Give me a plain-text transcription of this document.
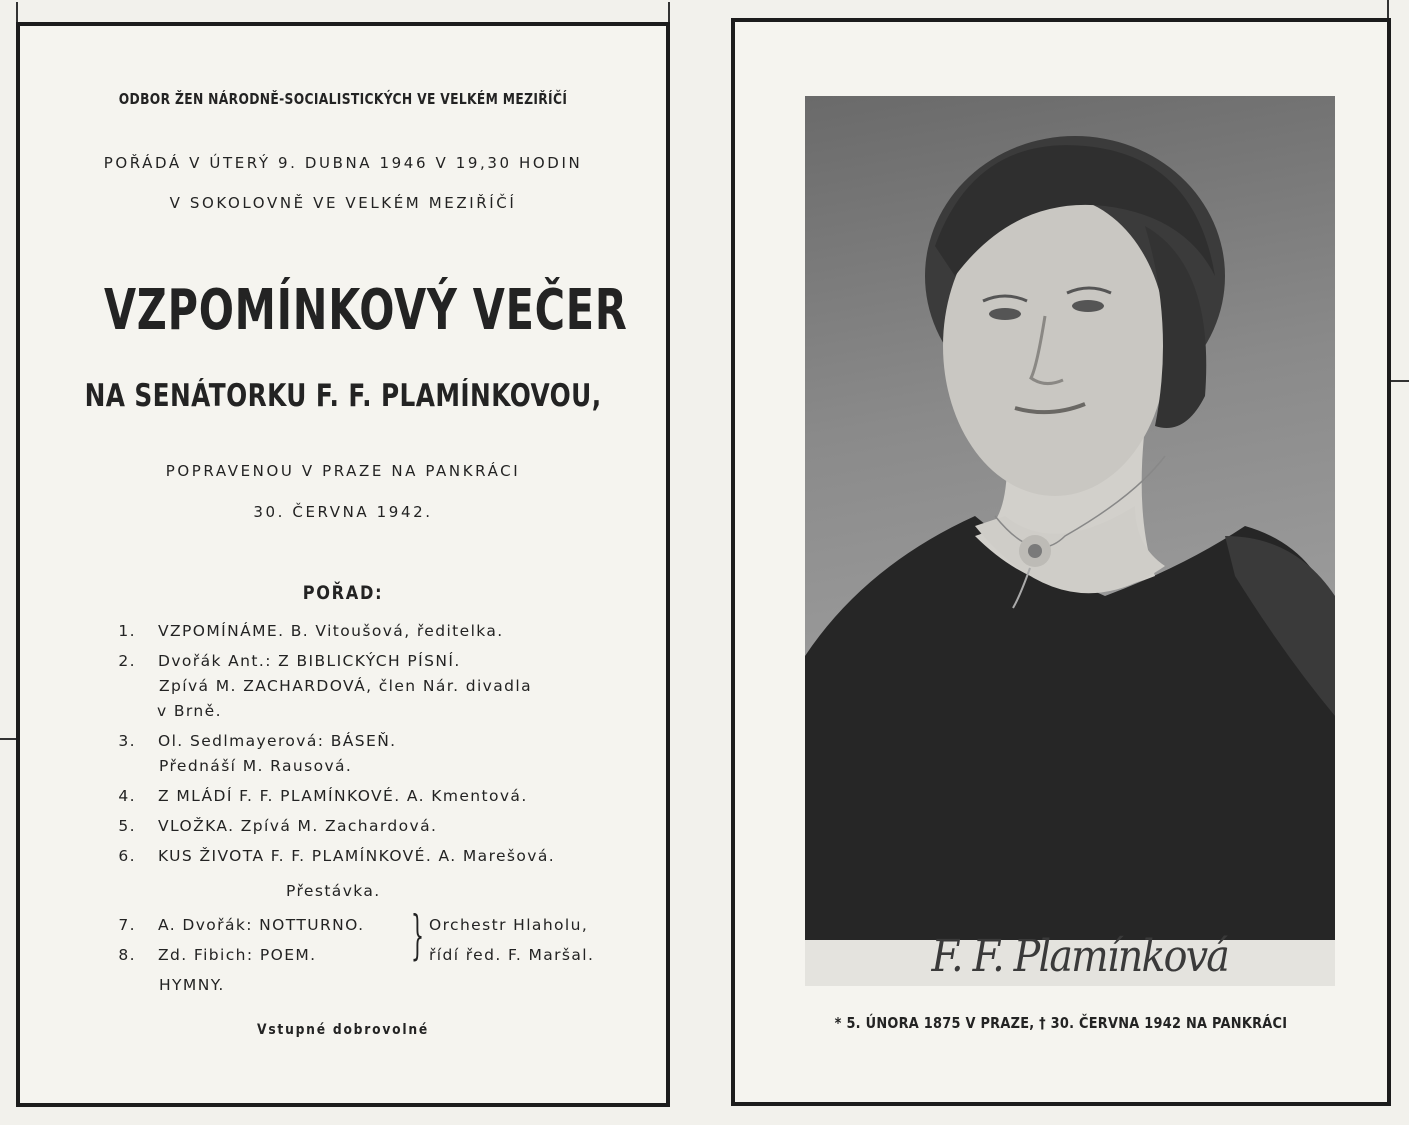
ODBOR ŽEN NÁRODNĚ-SOCIALISTICKÝCH VE VELKÉM MEZIŘÍČÍ
POŘÁDÁ V ÚTERÝ 9. DUBNA 1946 V 19,30 HODIN
V SOKOLOVNĚ VE VELKÉM MEZIŘÍČÍ
VZPOMÍNKOVÝ VEČER
NA SENÁTORKU F. F. PLAMÍNKOVOU,
POPRAVENOU V PRAZE NA PANKRÁCI
30. ČERVNA 1942.
POŘAD:
1. VZPOMÍNÁME. B. Vitoušová, ředitelka.
2. Dvořák Ant.: Z BIBLICKÝCH PÍSNÍ.
Zpívá M. ZACHARDOVÁ, člen Nár. divadla
v Brně.
3. Ol. Sedlmayerová: BÁSEŇ.
Přednáší M. Rausová.
4. Z MLÁDÍ F. F. PLAMÍNKOVÉ. A. Kmentová.
5. VLOŽKA. Zpívá M. Zachardová.
6. KUS ŽIVOTA F. F. PLAMÍNKOVÉ. A. Marešová.
Přestávka.
7. A. Dvořák: NOTTURNO.
8. Zd. Fibich: POEM. } Orchestr Hlaholu,
řídí řed. F. Maršal.
HYMNY.
Vstupné dobrovolné
F. F. Plamínková
* 5. ÚNORA 1875 V PRAZE, † 30. ČERVNA 1942 NA PANKRÁCI
